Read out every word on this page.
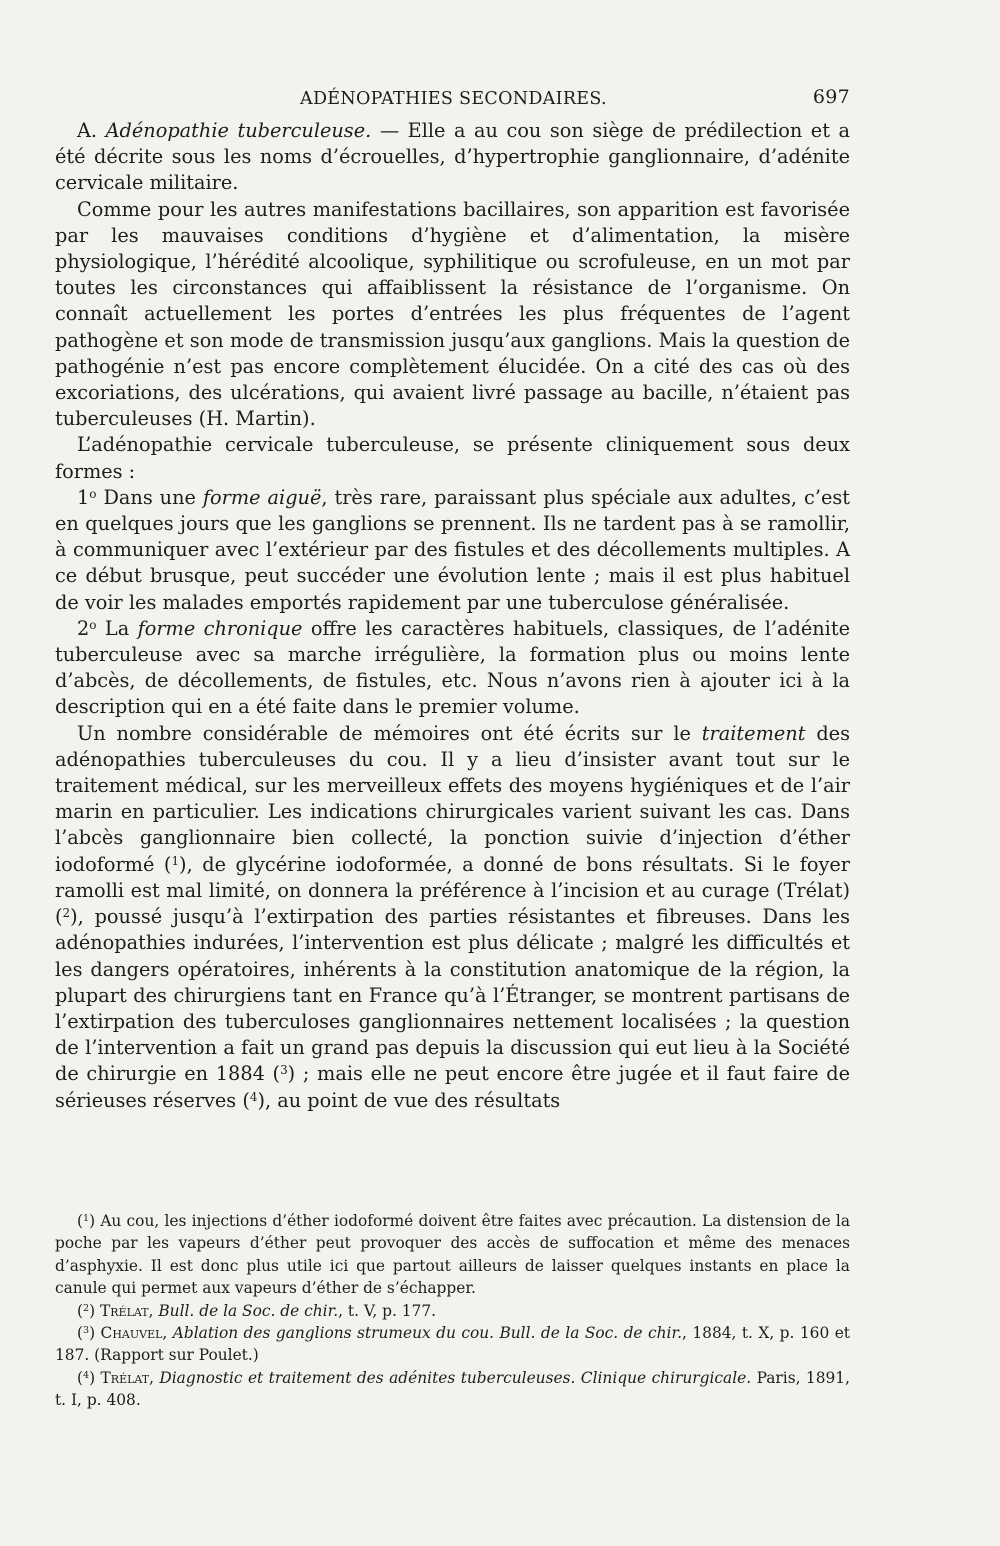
ADÉNOPATHIES SECONDAIRES.	697

A. Adénopathie tuberculeuse. — Elle a au cou son siège de prédilection et a été décrite sous les noms d’écrouelles, d’hypertrophie ganglionnaire, d’adénite cervicale militaire.

Comme pour les autres manifestations bacillaires, son apparition est favorisée par les mauvaises conditions d’hygiène et d’alimentation, la misère physiologique, l’hérédité alcoolique, syphilitique ou scrofuleuse, en un mot par toutes les circonstances qui affaiblissent la résistance de l’organisme. On connaît actuellement les portes d’entrées les plus fréquentes de l’agent pathogène et son mode de transmission jusqu’aux ganglions. Mais la question de pathogénie n’est pas encore complètement élucidée. On a cité des cas où des excoriations, des ulcérations, qui avaient livré passage au bacille, n’étaient pas tuberculeuses (H. Martin).

L’adénopathie cervicale tuberculeuse, se présente cliniquement sous deux formes :

1$^o$ Dans une forme aiguë, très rare, paraissant plus spéciale aux adultes, c’est en quelques jours que les ganglions se prennent. Ils ne tardent pas à se ramollir, à communiquer avec l’extérieur par des fistules et des décollements multiples. A ce début brusque, peut succéder une évolution lente ; mais il est plus habituel de voir les malades emportés rapidement par une tuberculose généralisée.

2$^o$ La forme chronique offre les caractères habituels, classiques, de l’adénite tuberculeuse avec sa marche irrégulière, la formation plus ou moins lente d’abcès, de décollements, de fistules, etc. Nous n’avons rien à ajouter ici à la description qui en a été faite dans le premier volume.

Un nombre considérable de mémoires ont été écrits sur le traitement des adénopathies tuberculeuses du cou. Il y a lieu d’insister avant tout sur le traitement médical, sur les merveilleux effets des moyens hygiéniques et de l’air marin en particulier. Les indications chirurgicales varient suivant les cas. Dans l’abcès ganglionnaire bien collecté, la ponction suivie d’injection d’éther iodoformé ($^1$), de glycérine iodoformée, a donné de bons résultats. Si le foyer ramolli est mal limité, on donnera la préférence à l’incision et au curage (Trélat) ($^2$), poussé jusqu’à l’extirpation des parties résistantes et fibreuses. Dans les adénopathies indurées, l’intervention est plus délicate ; malgré les difficultés et les dangers opératoires, inhérents à la constitution anatomique de la région, la plupart des chirurgiens tant en France qu’à l’Étranger, se montrent partisans de l’extirpation des tuberculoses ganglionnaires nettement localisées ; la question de l’intervention a fait un grand pas depuis la discussion qui eut lieu à la Société de chirurgie en 1884 ($^3$) ; mais elle ne peut encore être jugée et il faut faire de sérieuses réserves ($^4$), au point de vue des résultats

($^1$) Au cou, les injections d’éther iodoformé doivent être faites avec précaution. La distension de la poche par les vapeurs d’éther peut provoquer des accès de suffocation et même des menaces d’asphyxie. Il est donc plus utile ici que partout ailleurs de laisser quelques instants en place la canule qui permet aux vapeurs d’éther de s’échapper.

($^2$) Trélat, Bull. de la Soc. de chir., t. V, p. 177.

($^3$) Chauvel, Ablation des ganglions strumeux du cou. Bull. de la Soc. de chir., 1884, t. X, p. 160 et 187. (Rapport sur Poulet.)

($^4$) Trélat, Diagnostic et traitement des adénites tuberculeuses. Clinique chirurgicale. Paris, 1891, t. I, p. 408.
